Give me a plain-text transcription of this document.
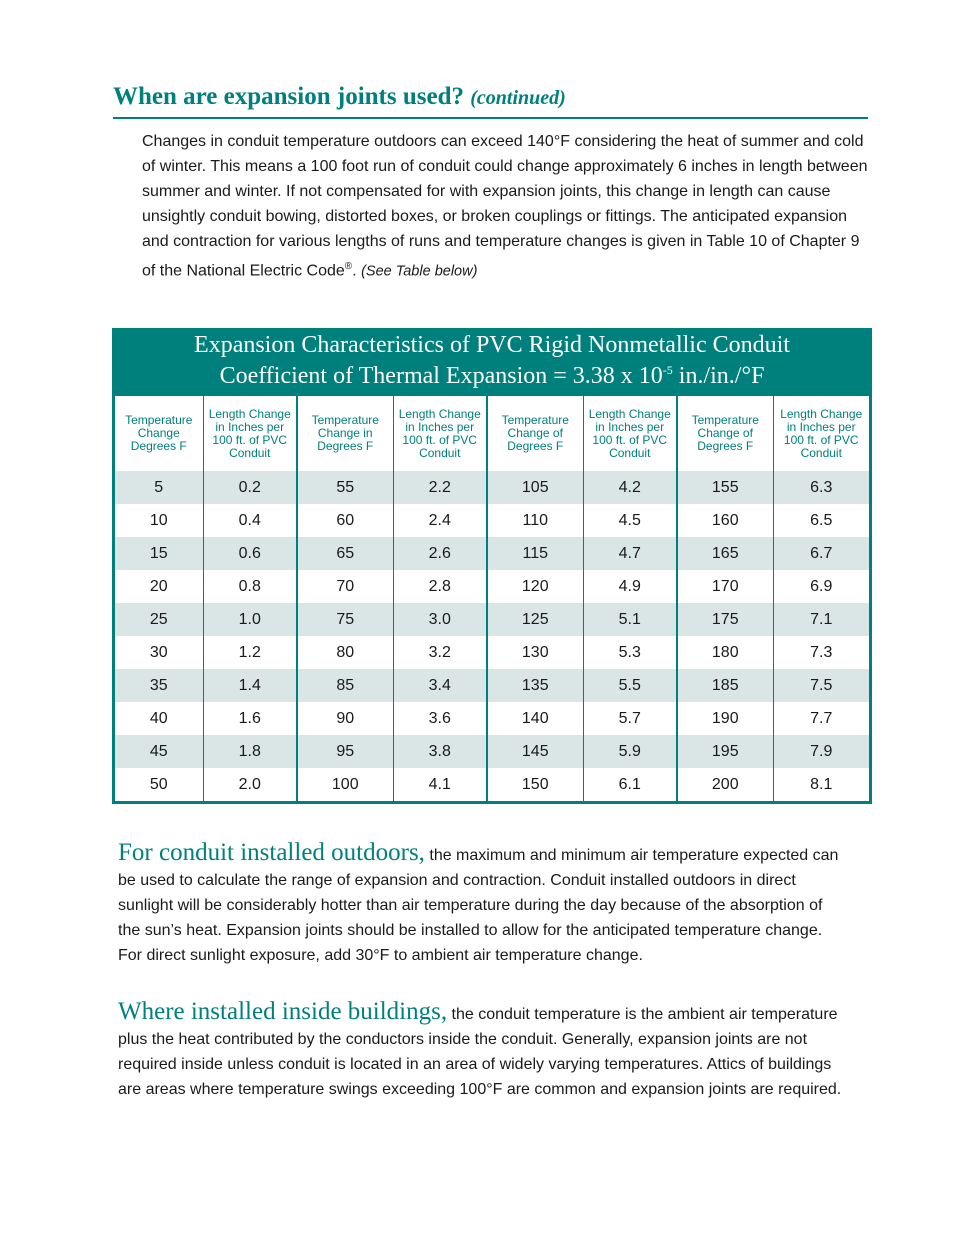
When are expansion joints used? (continued)

Changes in conduit temperature outdoors can exceed 140°F considering the heat of summer and cold of winter. This means a 100 foot run of conduit could change approximately 6 inches in length between summer and winter. If not compensated for with expansion joints, this change in length can cause unsightly conduit bowing, distorted boxes, or broken couplings or fittings. The anticipated expansion and contraction for various lengths of runs and temperature changes is given in Table 10 of Chapter 9 of the National Electric Code®. (See Table below)

Expansion Characteristics of PVC Rigid Nonmetallic Conduit
Coefficient of Thermal Expansion = 3.38 x $10^{-5}$ in./in./°F
Temperature Change Degrees F	Length Change in Inches per 100 ft. of PVC Conduit	Temperature Change in Degrees F	Length Change in Inches per 100 ft. of PVC Conduit	Temperature Change of Degrees F	Length Change in Inches per 100 ft. of PVC Conduit	Temperature Change of Degrees F	Length Change in Inches per 100 ft. of PVC Conduit
5	0.2	55	2.2	105	4.2	155	6.3
10	0.4	60	2.4	110	4.5	160	6.5
15	0.6	65	2.6	115	4.7	165	6.7
20	0.8	70	2.8	120	4.9	170	6.9
25	1.0	75	3.0	125	5.1	175	7.1
30	1.2	80	3.2	130	5.3	180	7.3
35	1.4	85	3.4	135	5.5	185	7.5
40	1.6	90	3.6	140	5.7	190	7.7
45	1.8	95	3.8	145	5.9	195	7.9
50	2.0	100	4.1	150	6.1	200	8.1

For conduit installed outdoors, the maximum and minimum air temperature expected can be used to calculate the range of expansion and contraction. Conduit installed outdoors in direct sunlight will be considerably hotter than air temperature during the day because of the absorption of the sun’s heat. Expansion joints should be installed to allow for the anticipated temperature change. For direct sunlight exposure, add 30°F to ambient air temperature change.

Where installed inside buildings, the conduit temperature is the ambient air temperature plus the heat contributed by the conductors inside the conduit. Generally, expansion joints are not required inside unless conduit is located in an area of widely varying temperatures. Attics of buildings are areas where temperature swings exceeding 100°F are common and expansion joints are required.
